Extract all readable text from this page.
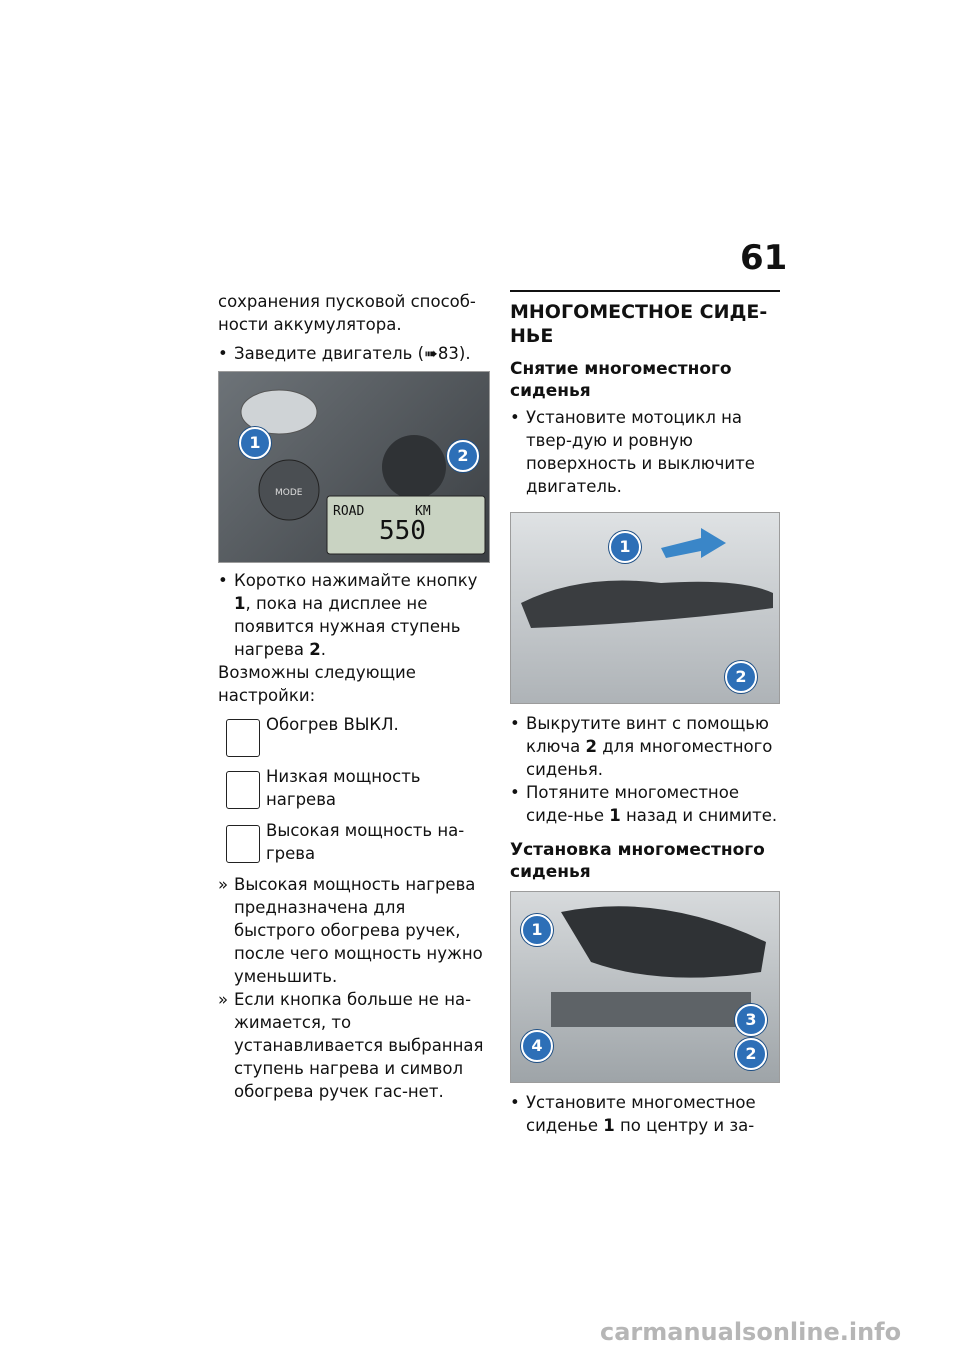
61

сохранения пусковой способ-ности аккумулятора.

• Заведите двигатель (➠83).

MODE
ROAD	KM
550
1
2

• Коротко нажимайте кнопку 1, пока на дисплее не появится нужная ступень нагрева 2.

Возможны следующие настройки:

Обогрев ВЫКЛ.
Низкая мощность нагрева
Высокая мощность на-грева

» Высокая мощность нагрева предназначена для быстрого обогрева ручек, после чего мощность нужно уменьшить.

» Если кнопка больше не на-жимается, то устанавливается выбранная ступень нагрева и символ обогрева ручек гас-нет.

МНОГОМЕСТНОЕ СИДЕ-НЬЕ
Снятие многоместного сиденья

• Установите мотоцикл на твер-дую и ровную поверхность и выключите двигатель.

1
2

• Выкрутите винт с помощью ключа 2 для многоместного сиденья.

• Потяните многоместное сиде-нье 1 назад и снимите.

Установка многоместного сиденья
1
2
3
4

• Установите многоместное сиденье 1 по центру и за-

carmanualsonline.info
